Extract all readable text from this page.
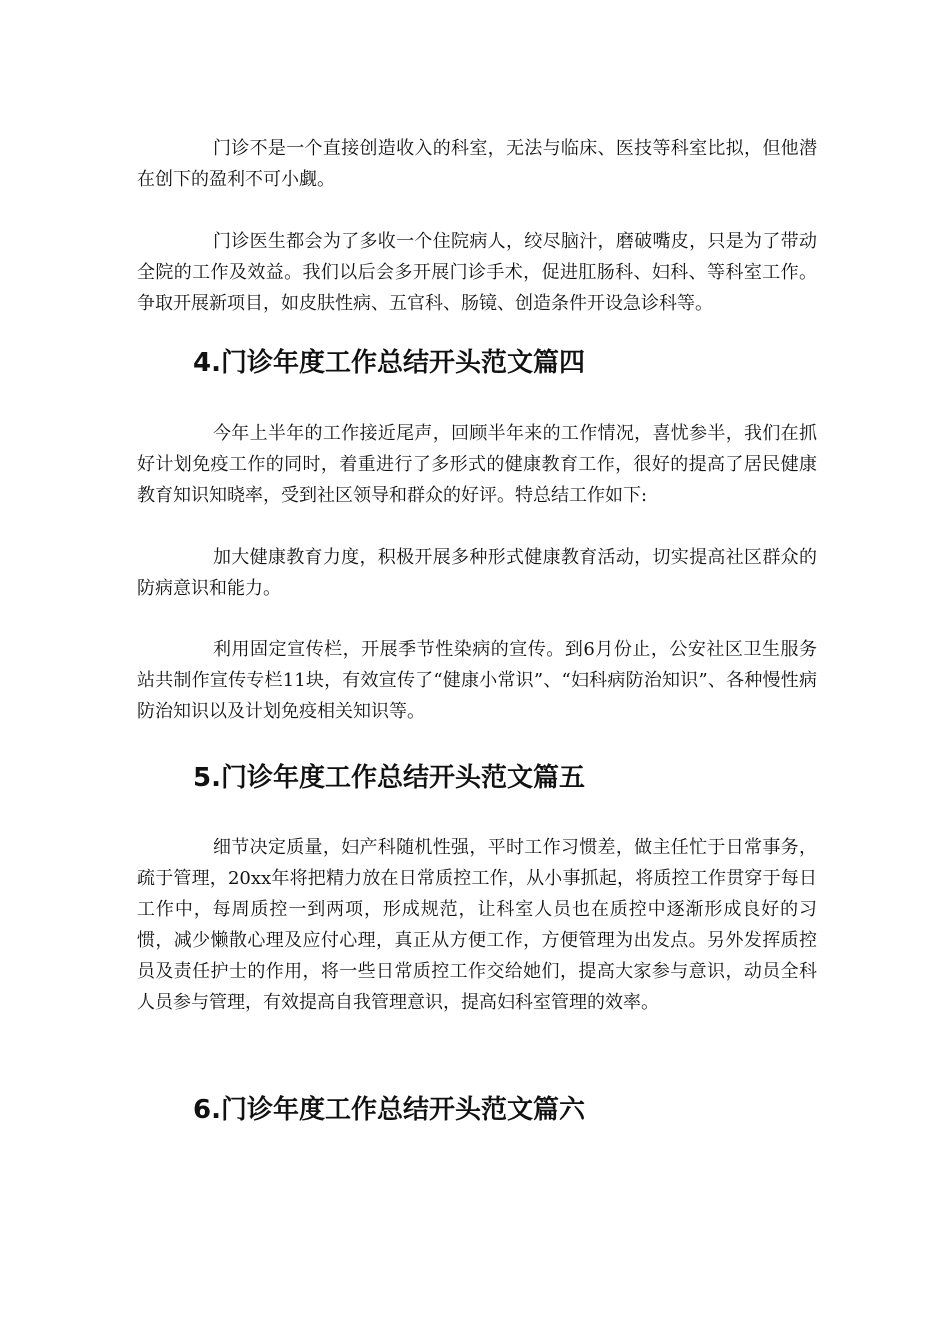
门诊不是一个直接创造收入的科室，无法与临床、医技等科室比拟，但他潜在创下的盈利不可小觑。

门诊医生都会为了多收一个住院病人，绞尽脑汁，磨破嘴皮，只是为了带动全院的工作及效益。我们以后会多开展门诊手术，促进肛肠科、妇科、等科室工作。争取开展新项目，如皮肤性病、五官科、肠镜、创造条件开设急诊科等。

4.门诊年度工作总结开头范文篇四

今年上半年的工作接近尾声，回顾半年来的工作情况，喜忧参半，我们在抓好计划免疫工作的同时，着重进行了多形式的健康教育工作，很好的提高了居民健康教育知识知晓率，受到社区领导和群众的好评。特总结工作如下:

加大健康教育力度，积极开展多种形式健康教育活动，切实提高社区群众的防病意识和能力。

利用固定宣传栏，开展季节性染病的宣传。到6月份止，公安社区卫生服务站共制作宣传专栏11块，有效宣传了“健康小常识”、“妇科病防治知识”、各种慢性病防治知识以及计划免疫相关知识等。

5.门诊年度工作总结开头范文篇五

细节决定质量，妇产科随机性强，平时工作习惯差，做主任忙于日常事务，疏于管理，20xx年将把精力放在日常质控工作，从小事抓起，将质控工作贯穿于每日工作中，每周质控一到两项，形成规范，让科室人员也在质控中逐渐形成良好的习惯，减少懒散心理及应付心理，真正从方便工作，方便管理为出发点。另外发挥质控员及责任护士的作用，将一些日常质控工作交给她们，提高大家参与意识，动员全科人员参与管理，有效提高自我管理意识，提高妇科室管理的效率。

6.门诊年度工作总结开头范文篇六
